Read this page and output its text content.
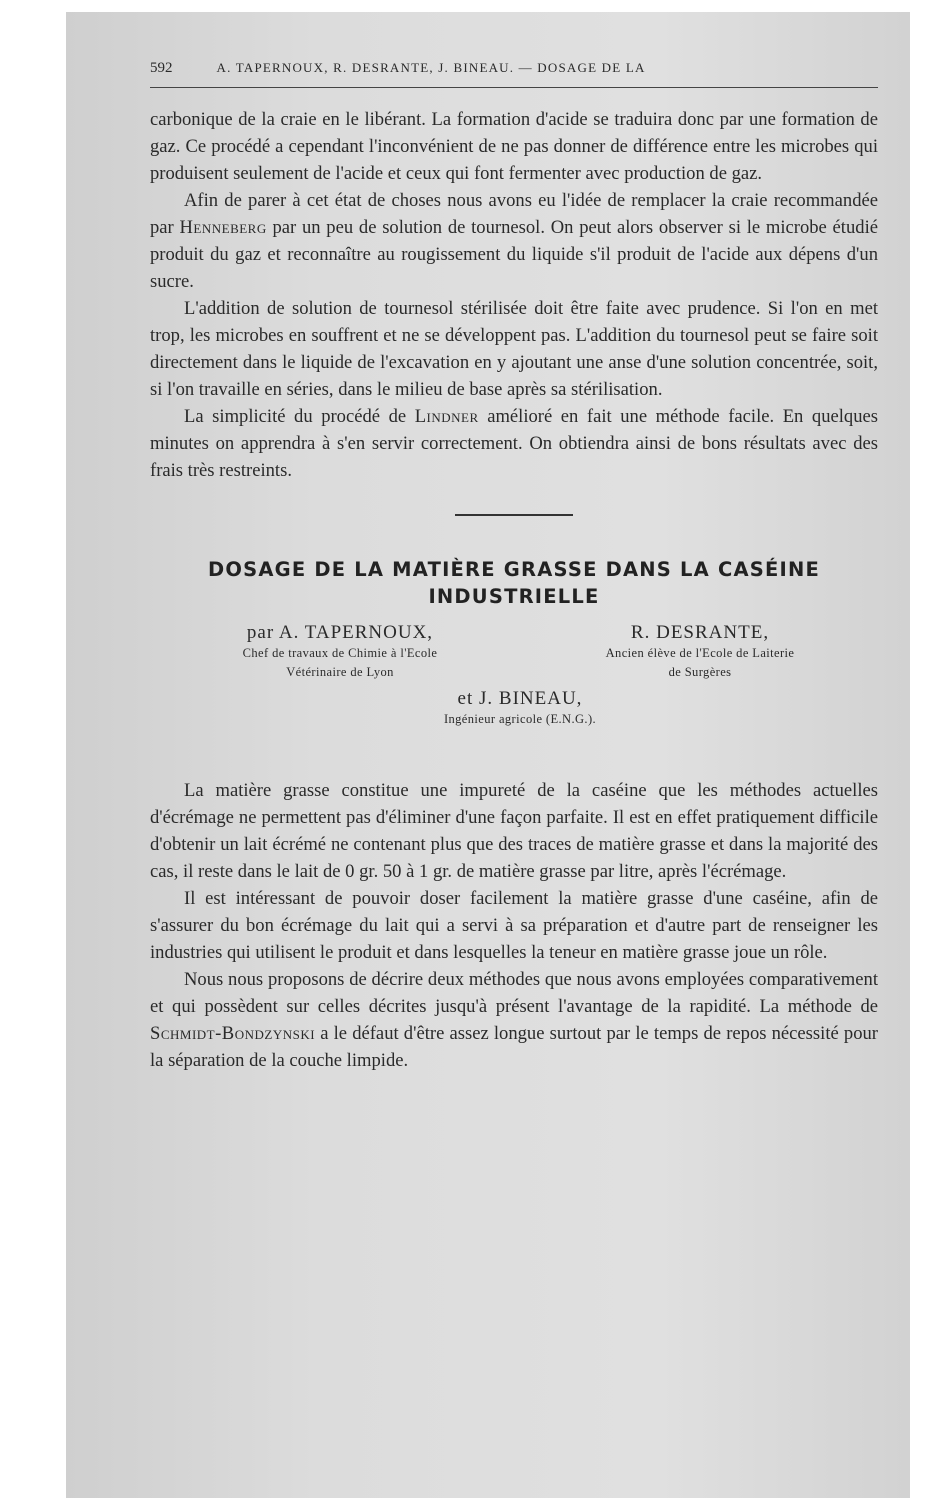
592	A. TAPERNOUX, R. DESRANTE, J. BINEAU. — DOSAGE DE LA

carbonique de la craie en le libérant. La formation d'acide se traduira donc par une formation de gaz. Ce procédé a cependant l'inconvénient de ne pas donner de différence entre les microbes qui produisent seulement de l'acide et ceux qui font fermenter avec production de gaz.

Afin de parer à cet état de choses nous avons eu l'idée de remplacer la craie recommandée par Henneberg par un peu de solution de tournesol. On peut alors observer si le microbe étudié produit du gaz et reconnaître au rougissement du liquide s'il produit de l'acide aux dépens d'un sucre.

L'addition de solution de tournesol stérilisée doit être faite avec prudence. Si l'on en met trop, les microbes en souffrent et ne se développent pas. L'addition du tournesol peut se faire soit directement dans le liquide de l'excavation en y ajoutant une anse d'une solution concentrée, soit, si l'on travaille en séries, dans le milieu de base après sa stérilisation.

La simplicité du procédé de Lindner amélioré en fait une méthode facile. En quelques minutes on apprendra à s'en servir correctement. On obtiendra ainsi de bons résultats avec des frais très restreints.

DOSAGE DE LA MATIÈRE GRASSE DANS LA CASÉINE
INDUSTRIELLE
par A. TAPERNOUX,
Chef de travaux de Chimie à l'Ecole
Vétérinaire de Lyon
R. DESRANTE,
Ancien élève de l'Ecole de Laiterie
de Surgères
et J. BINEAU,
Ingénieur agricole (E.N.G.).

La matière grasse constitue une impureté de la caséine que les méthodes actuelles d'écrémage ne permettent pas d'éliminer d'une façon parfaite. Il est en effet pratiquement difficile d'obtenir un lait écrémé ne contenant plus que des traces de matière grasse et dans la majorité des cas, il reste dans le lait de 0 gr. 50 à 1 gr. de matière grasse par litre, après l'écrémage.

Il est intéressant de pouvoir doser facilement la matière grasse d'une caséine, afin de s'assurer du bon écrémage du lait qui a servi à sa préparation et d'autre part de renseigner les industries qui utilisent le produit et dans lesquelles la teneur en matière grasse joue un rôle.

Nous nous proposons de décrire deux méthodes que nous avons employées comparativement et qui possèdent sur celles décrites jusqu'à présent l'avantage de la rapidité. La méthode de Schmidt-Bondzynski a le défaut d'être assez longue surtout par le temps de repos nécessité pour la séparation de la couche limpide.
